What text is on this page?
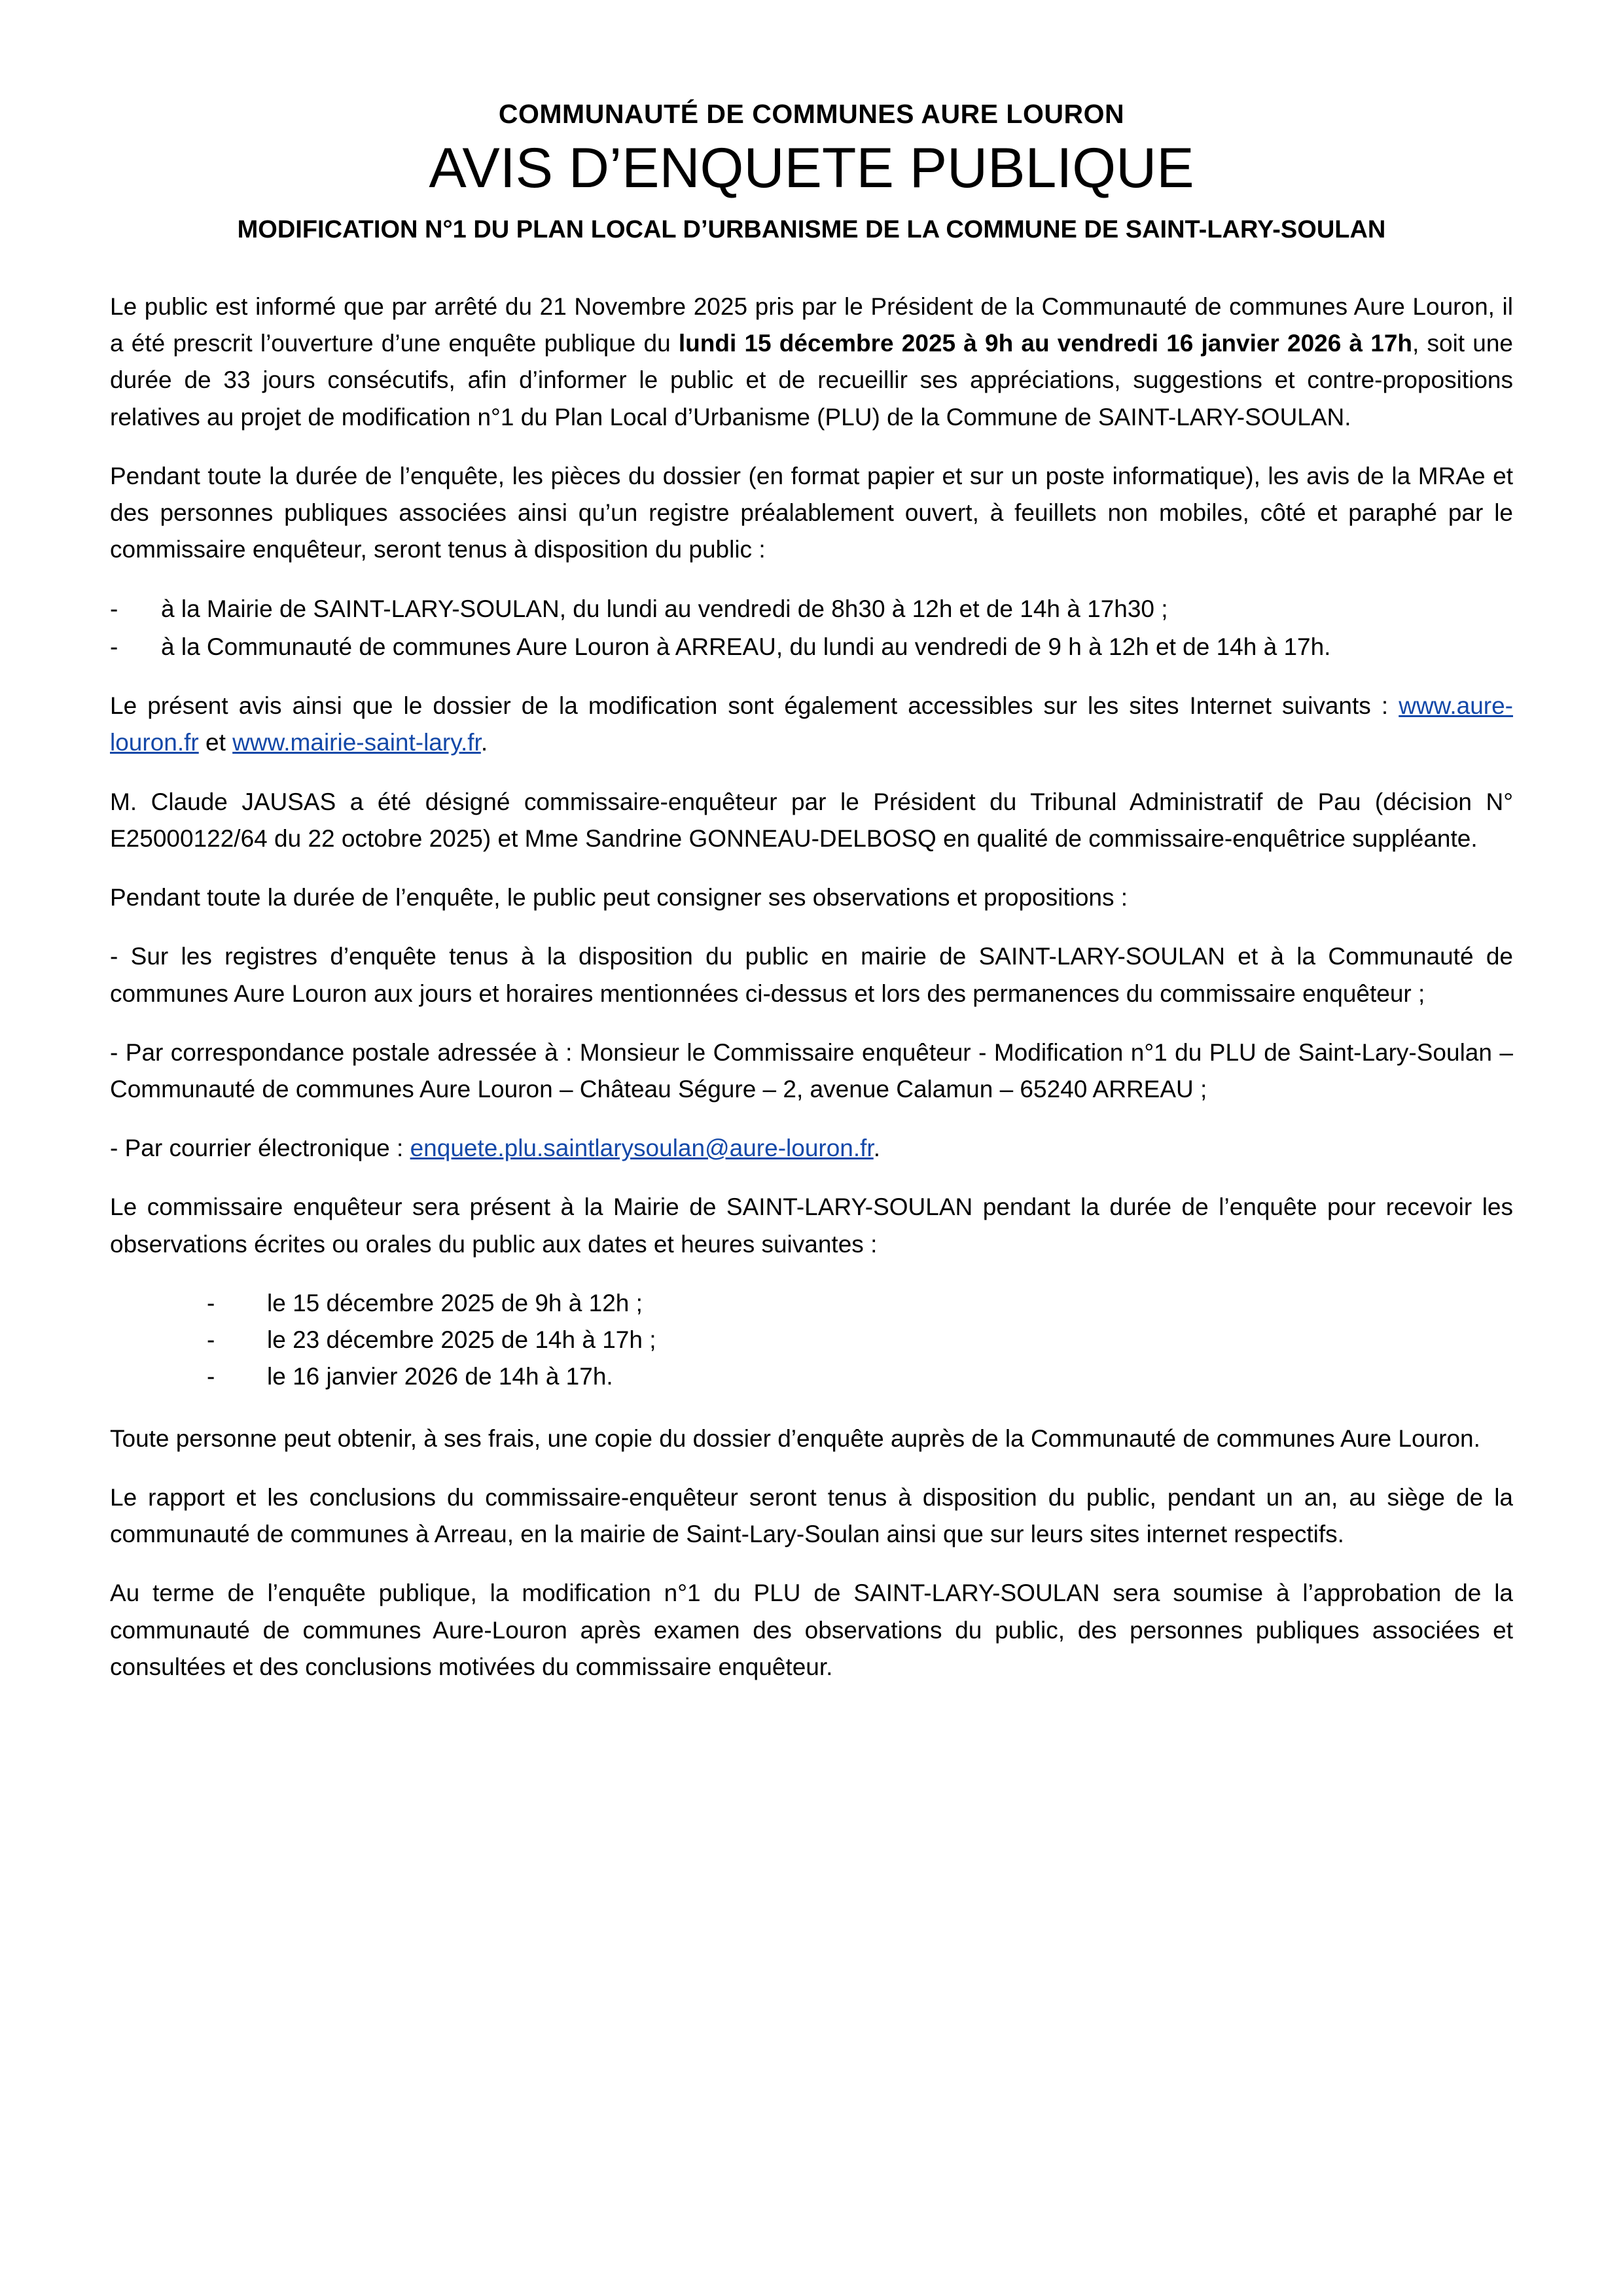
COMMUNAUTÉ DE COMMUNES AURE LOURON
AVIS D’ENQUETE PUBLIQUE
MODIFICATION N°1 DU PLAN LOCAL D’URBANISME DE LA COMMUNE DE SAINT-LARY-SOULAN

Le public est informé que par arrêté du 21 Novembre 2025 pris par le Président de la Communauté de communes Aure Louron, il a été prescrit l’ouverture d’une enquête publique du lundi 15 décembre 2025 à 9h au vendredi 16 janvier 2026 à 17h, soit une durée de 33 jours consécutifs, afin d’informer le public et de recueillir ses appréciations, suggestions et contre-propositions relatives au projet de modification n°1 du Plan Local d’Urbanisme (PLU) de la Commune de SAINT-LARY-SOULAN.

Pendant toute la durée de l’enquête, les pièces du dossier (en format papier et sur un poste informatique), les avis de la MRAe et des personnes publiques associées ainsi qu’un registre préalablement ouvert, à feuillets non mobiles, côté et paraphé par le commissaire enquêteur, seront tenus à disposition du public :

- à la Mairie de SAINT-LARY-SOULAN, du lundi au vendredi de 8h30 à 12h et de 14h à 17h30 ;
- à la Communauté de communes Aure Louron à ARREAU, du lundi au vendredi de 9 h à 12h et de 14h à 17h.

Le présent avis ainsi que le dossier de la modification sont également accessibles sur les sites Internet suivants : www.aure-louron.fr et www.mairie-saint-lary.fr.

M. Claude JAUSAS a été désigné commissaire-enquêteur par le Président du Tribunal Administratif de Pau (décision N° E25000122/64 du 22 octobre 2025) et Mme Sandrine GONNEAU-DELBOSQ en qualité de commissaire-enquêtrice suppléante.

Pendant toute la durée de l’enquête, le public peut consigner ses observations et propositions :

- Sur les registres d’enquête tenus à la disposition du public en mairie de SAINT-LARY-SOULAN et à la Communauté de communes Aure Louron aux jours et horaires mentionnées ci-dessus et lors des permanences du commissaire enquêteur ;

- Par correspondance postale adressée à : Monsieur le Commissaire enquêteur - Modification n°1 du PLU de Saint-Lary-Soulan – Communauté de communes Aure Louron – Château Ségure – 2, avenue Calamun – 65240 ARREAU ;

- Par courrier électronique : enquete.plu.saintlarysoulan@aure-louron.fr.

Le commissaire enquêteur sera présent à la Mairie de SAINT-LARY-SOULAN pendant la durée de l’enquête pour recevoir les observations écrites ou orales du public aux dates et heures suivantes :

- le 15 décembre 2025 de 9h à 12h ;
- le 23 décembre 2025 de 14h à 17h ;
- le 16 janvier 2026 de 14h à 17h.

Toute personne peut obtenir, à ses frais, une copie du dossier d’enquête auprès de la Communauté de communes Aure Louron.

Le rapport et les conclusions du commissaire-enquêteur seront tenus à disposition du public, pendant un an, au siège de la communauté de communes à Arreau, en la mairie de Saint-Lary-Soulan ainsi que sur leurs sites internet respectifs.

Au terme de l’enquête publique, la modification n°1 du PLU de SAINT-LARY-SOULAN sera soumise à l’approbation de la communauté de communes Aure-Louron après examen des observations du public, des personnes publiques associées et consultées et des conclusions motivées du commissaire enquêteur.
